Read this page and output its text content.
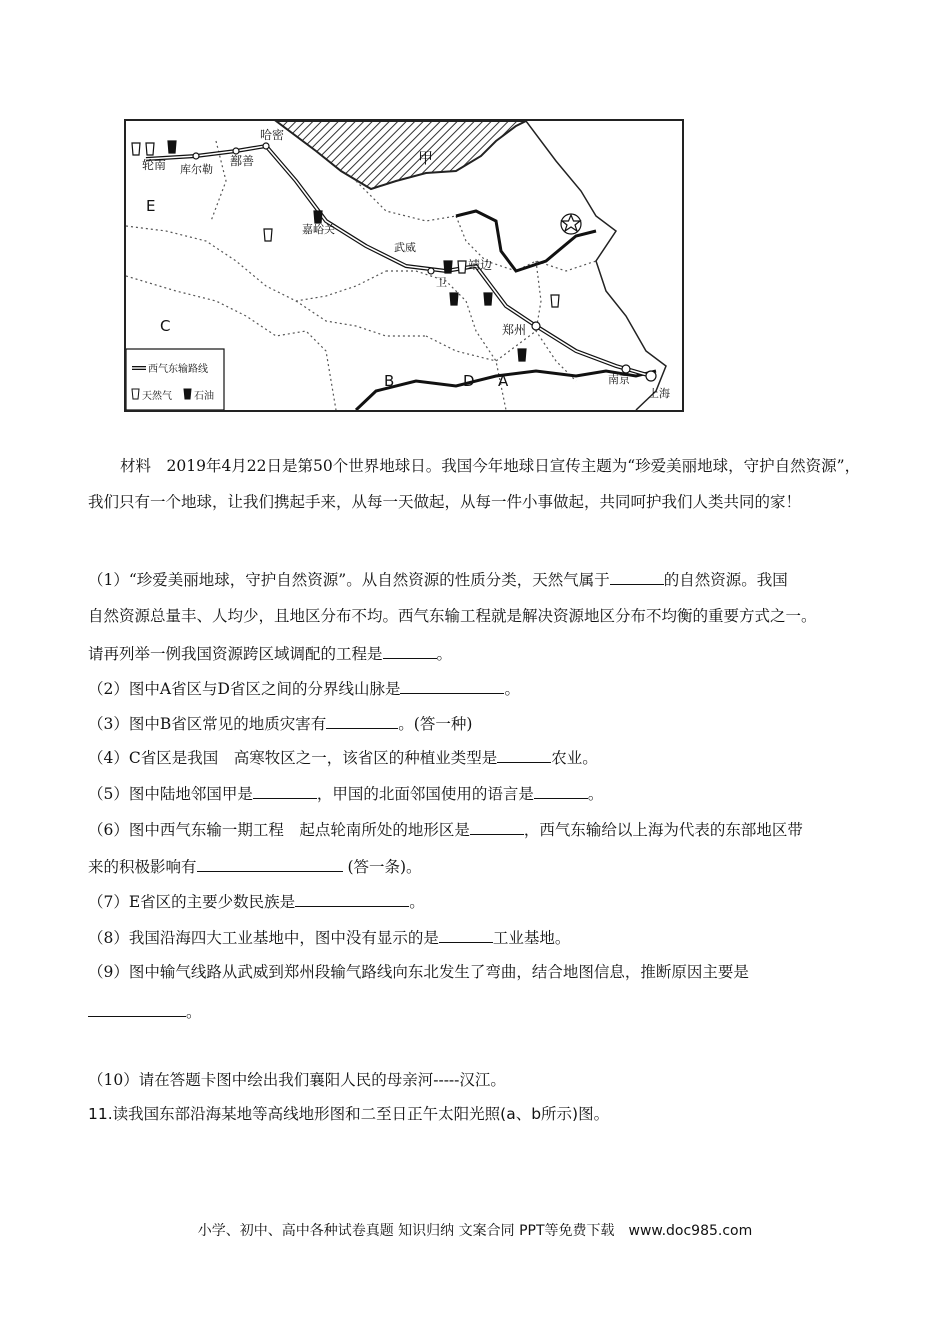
轮南 库尔勒
鄯善
哈密
嘉峪关
武威
靖边
卫
郑州
南京
上海
甲
E
C
B	D A
西气东输路线
天然气 石油
材料　2019年4月22日是第50个世界地球日。我国今年地球日宣传主题为“珍爱美丽地球，守护自然资源”，我们只有一个地球，让我们携起手来，从每一天做起，从每一件小事做起，共同呵护我们人类共同的家！
（1）“珍爱美丽地球，守护自然资源”。从自然资源的性质分类，天然气属于	的自然资源。我国
自然资源总量丰、人均少，且地区分布不均。西气东输工程就是解决资源地区分布不均衡的重要方式之一。
请再列举一例我国资源跨区域调配的工程是	。
（2）图中A省区与D省区之间的分界线山脉是	。
（3）图中B省区常见的地质灾害有	。(答一种)
（4）C省区是我国　高寒牧区之一，该省区的种植业类型是	农业。
（5）图中陆地邻国甲是	，甲国的北面邻国使用的语言是	。
（6）图中西气东输一期工程　起点轮南所处的地形区是	，西气东输给以上海为代表的东部地区带
来的积极影响有	(答一条)。
（7）E省区的主要少数民族是	。
（8）我国沿海四大工业基地中，图中没有显示的是	工业基地。
（9）图中输气线路从武威到郑州段输气路线向东北发生了弯曲，结合地图信息，推断原因主要是
。
（10）请在答题卡图中绘出我们襄阳人民的母亲河-----汉江。
11.读我国东部沿海某地等高线地形图和二至日正午太阳光照(a、b所示)图。
小学、初中、高中各种试卷真题 知识归纳 文案合同 PPT等免费下载　www.doc985.com
